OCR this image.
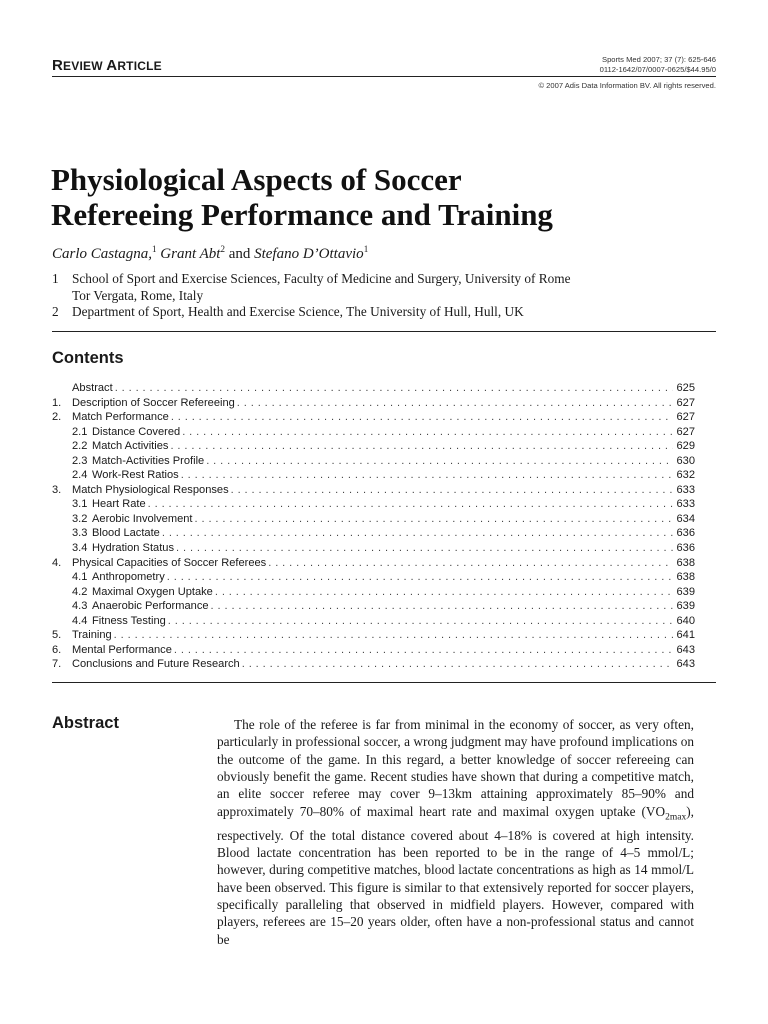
REVIEW ARTICLE	Sports Med 2007; 37 (7): 625-646
0112-1642/07/0007-0625/$44.95/0
© 2007 Adis Data Information BV. All rights reserved.
Physiological Aspects of Soccer
Refereeing Performance and Training
Carlo Castagna,$^1$ Grant Abt$^2$ and Stefano D’Ottavio$^1$
1 School of Sport and Exercise Sciences, Faculty of Medicine and Surgery, University of Rome
Tor Vergata, Rome, Italy
2 Department of Sport, Health and Exercise Science, The University of Hull, Hull, UK
Contents
Abstract . . .	625
1. Description of Soccer Refereeing . . .	627
2. Match Performance . . .	627
2.1 Distance Covered . . .	627
2.2 Match Activities . . .	629
2.3 Match-Activities Profile . . .	630
2.4 Work-Rest Ratios . . .	632
3. Match Physiological Responses . . .	633
3.1 Heart Rate . . .	633
3.2 Aerobic Involvement . . .	634
3.3 Blood Lactate . . .	636
3.4 Hydration Status . . .	636
4. Physical Capacities of Soccer Referees . . .	638
4.1 Anthropometry . . .	638
4.2 Maximal Oxygen Uptake . . .	639
4.3 Anaerobic Performance . . .	639
4.4 Fitness Testing . . .	640
5. Training . . .	641
6. Mental Performance . . .	643
7. Conclusions and Future Research . . .	643
Abstract	The role of the referee is far from minimal in the economy of soccer, as very often, particularly in professional soccer, a wrong judgment may have profound implications on the outcome of the game. In this regard, a better knowledge of soccer refereeing can obviously benefit the game. Recent studies have shown that during a competitive match, an elite soccer referee may cover 9–13km attaining approximately 85–90% and approximately 70–80% of maximal heart rate and maximal oxygen uptake $(VO_{2max})$, respectively. Of the total distance covered about 4–18% is covered at high intensity. Blood lactate concentration has been reported to be in the range of 4–5 mmol/L; however, during competitive matches, blood lactate concentrations as high as 14 mmol/L have been observed. This figure is similar to that extensively reported for soccer players, specifically paralleling that observed in midfield players. However, compared with players, referees are 15–20 years older, often have a non-professional status and cannot be
